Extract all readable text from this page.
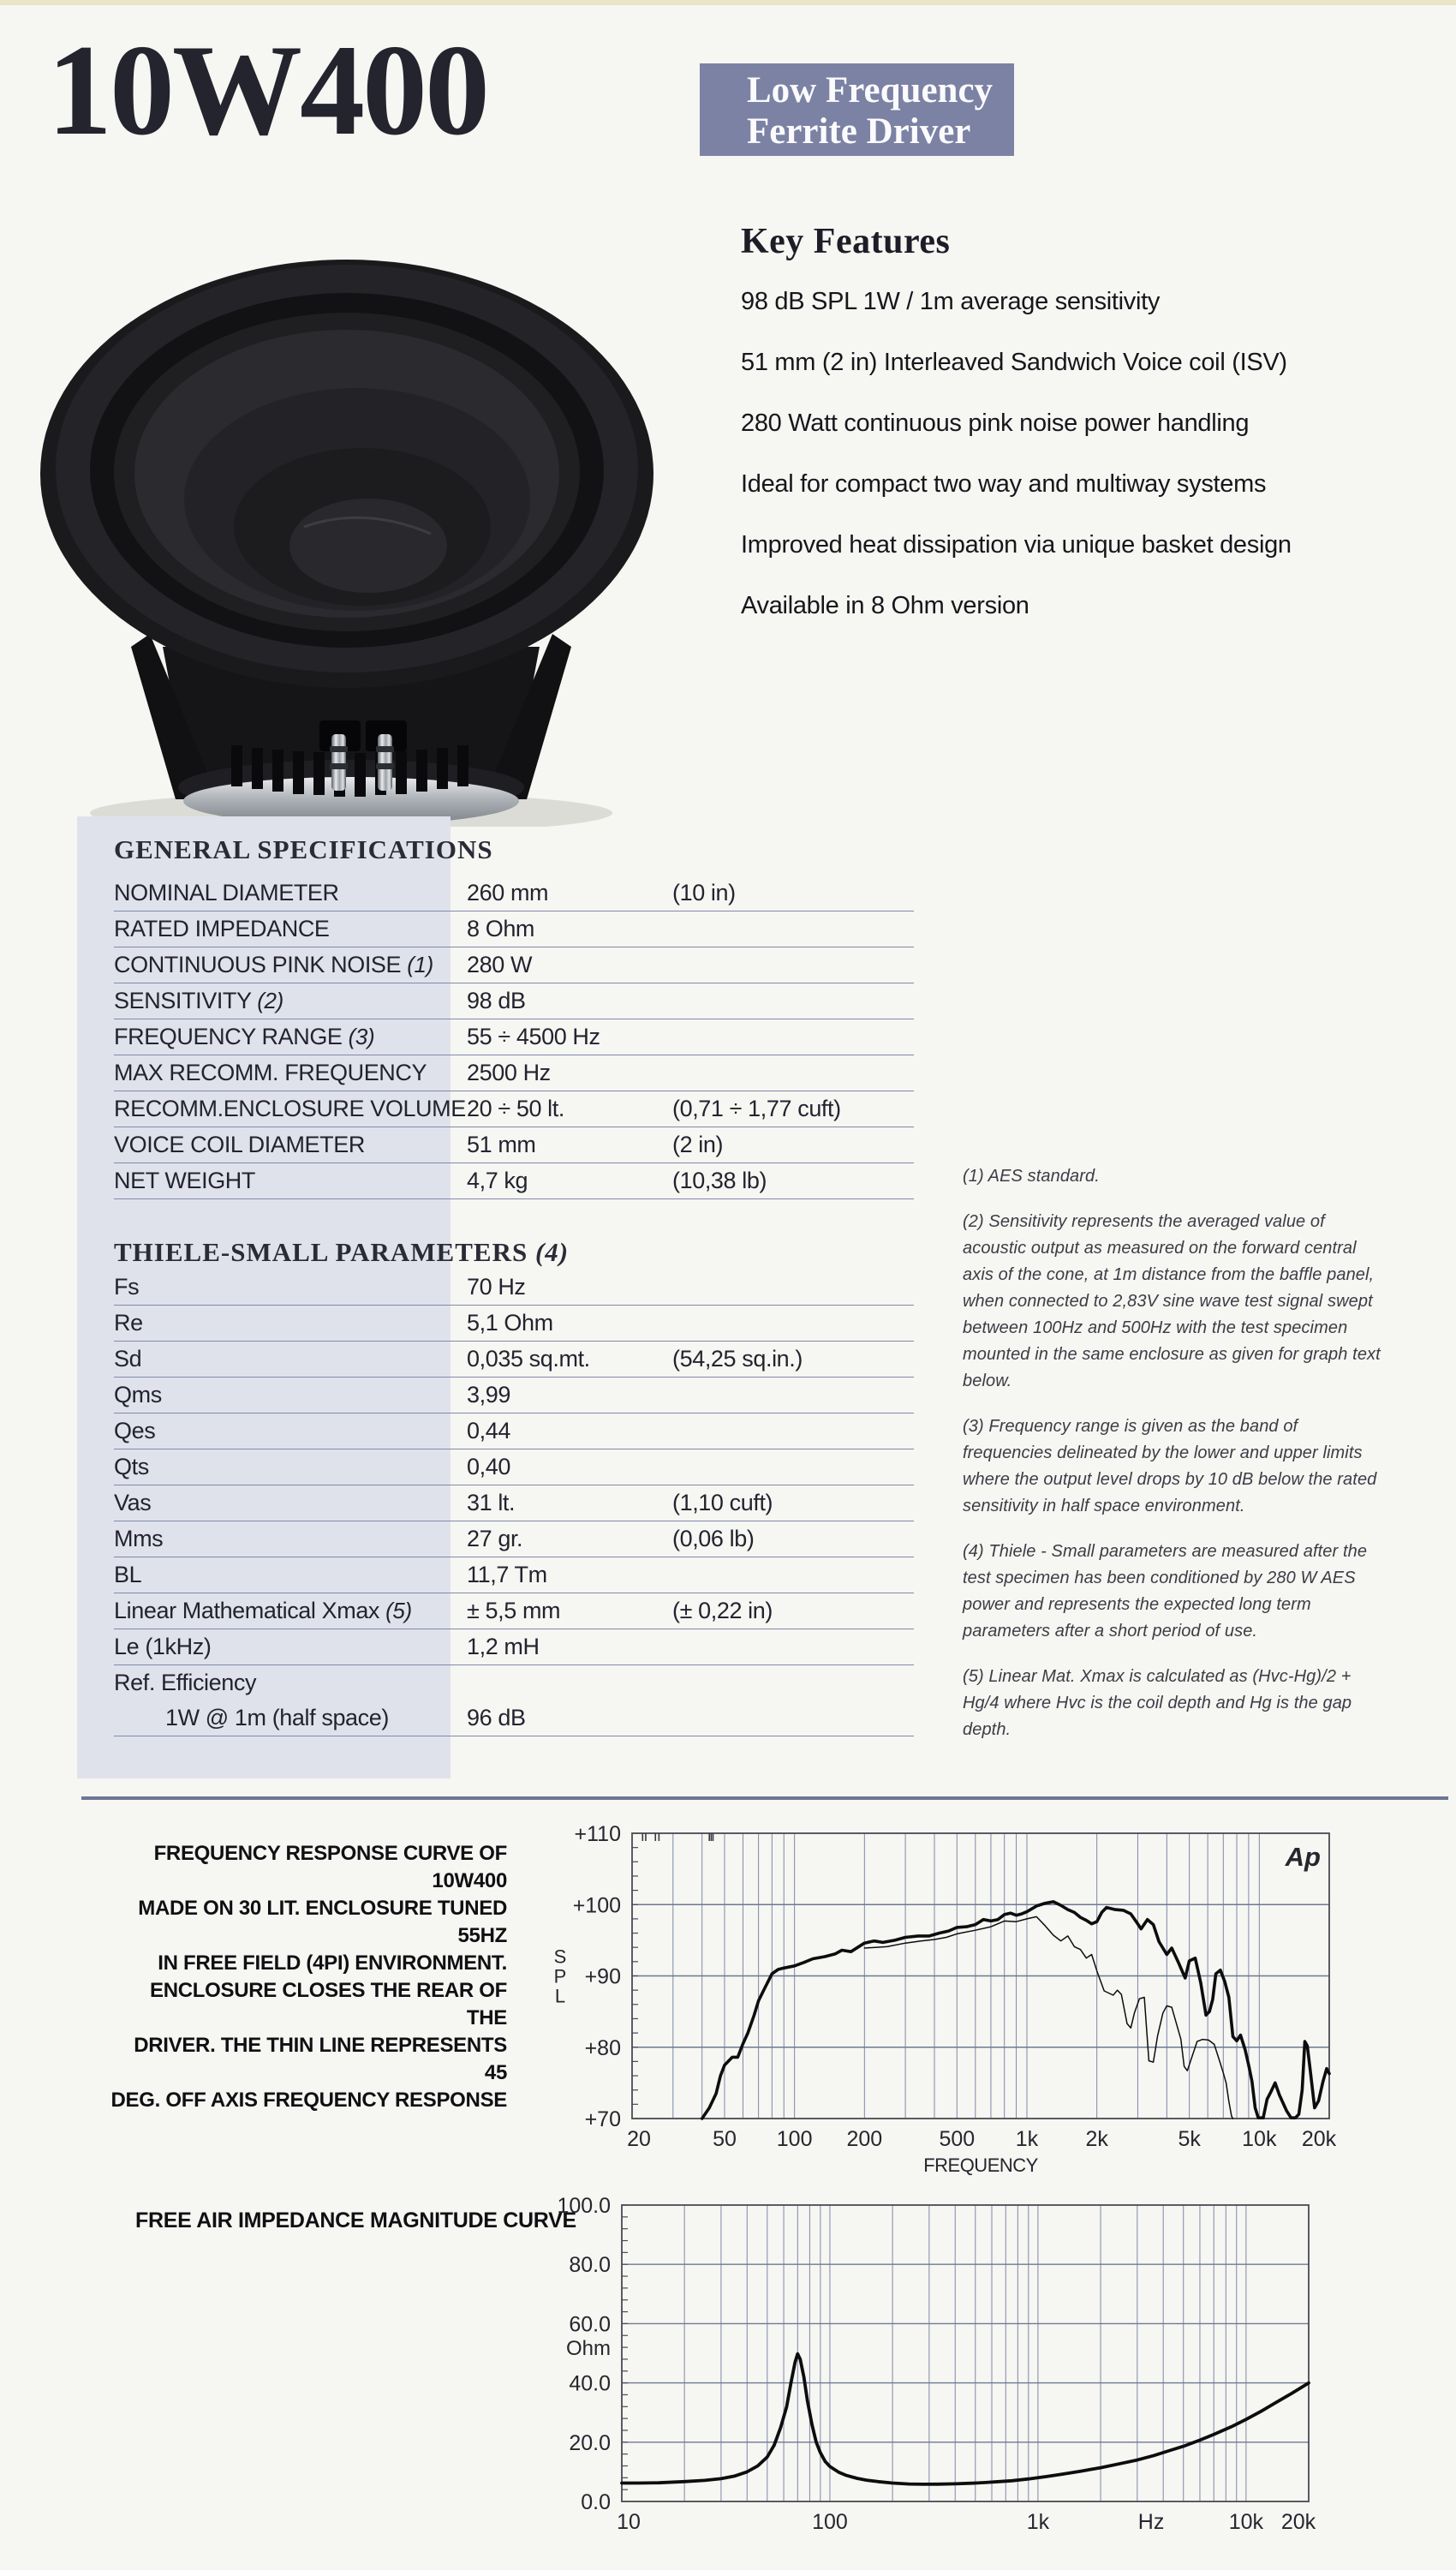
10W400	Low Frequency
Ferrite Driver
Key Features
98 dB SPL 1W / 1m average sensitivity
51 mm (2 in) Interleaved Sandwich Voice coil (ISV)
280 Watt continuous pink noise power handling
Ideal for compact two way and multiway systems
Improved heat dissipation via unique basket design
Available in 8 Ohm version
GENERAL SPECIFICATIONS
NOMINAL DIAMETER	260 mm	(10 in)
RATED IMPEDANCE	8 Ohm
CONTINUOUS PINK NOISE (1)	280 W
SENSITIVITY (2)	98 dB
FREQUENCY RANGE (3)	55 ÷ 4500 Hz
MAX RECOMM. FREQUENCY	2500 Hz
RECOMM.ENCLOSURE VOLUME 20 ÷ 50 lt.	(0,71 ÷ 1,77 cuft)
VOICE COIL DIAMETER	51 mm	(2 in)
NET WEIGHT	4,7 kg	(10,38 lb)
THIELE-SMALL PARAMETERS (4)
Fs	70 Hz
Re	5,1 Ohm
Sd	0,035 sq.mt.	(54,25 sq.in.)
Qms	3,99
Qes	0,44
Qts	0,40
Vas	31 lt.	(1,10 cuft)
Mms	27 gr.	(0,06 lb)
BL	11,7 Tm
Linear Mathematical Xmax (5)	± 5,5 mm	(± 0,22 in)
Le (1kHz)	1,2 mH
Ref. Efficiency
1W @ 1m (half space)	96 dB

(1) AES standard.

(2) Sensitivity represents the averaged value of acoustic output as measured on the forward central axis of the cone, at 1m distance from the baffle panel, when connected to 2,83V sine wave test signal swept between 100Hz and 500Hz with the test specimen mounted in the same enclosure as given for graph text below.

(3) Frequency range is given as the band of frequencies delineated by the lower and upper limits where the output level drops by 10 dB below the rated sensitivity in half space environment.

(4) Thiele - Small parameters are measured after the test specimen has been conditioned by 280 W AES power and represents the expected long term parameters after a short period of use.

(5) Linear Mat. Xmax is calculated as (Hvc-Hg)/2 + Hg/4 where Hvc is the coil depth and Hg is the gap depth.

FREQUENCY RESPONSE CURVE OF 10W400
MADE ON 30 LIT. ENCLOSURE TUNED 55HZ
IN FREE FIELD (4PI) ENVIRONMENT.
ENCLOSURE CLOSES THE REAR OF THE
DRIVER. THE THIN LINE REPRESENTS 45
DEG. OFF AXIS FREQUENCY RESPONSE
+110
+100
+90
+80
+70
20	50 100 200	500 1k 2k	5k 10k 20k
FREQUENCY
S
P
L
Ap
FREE AIR IMPEDANCE MAGNITUDE CURVE
100.0
80.0
60.0
40.0
20.0
0.0
10	100	1k	Hz	10k 20k
Ohm
